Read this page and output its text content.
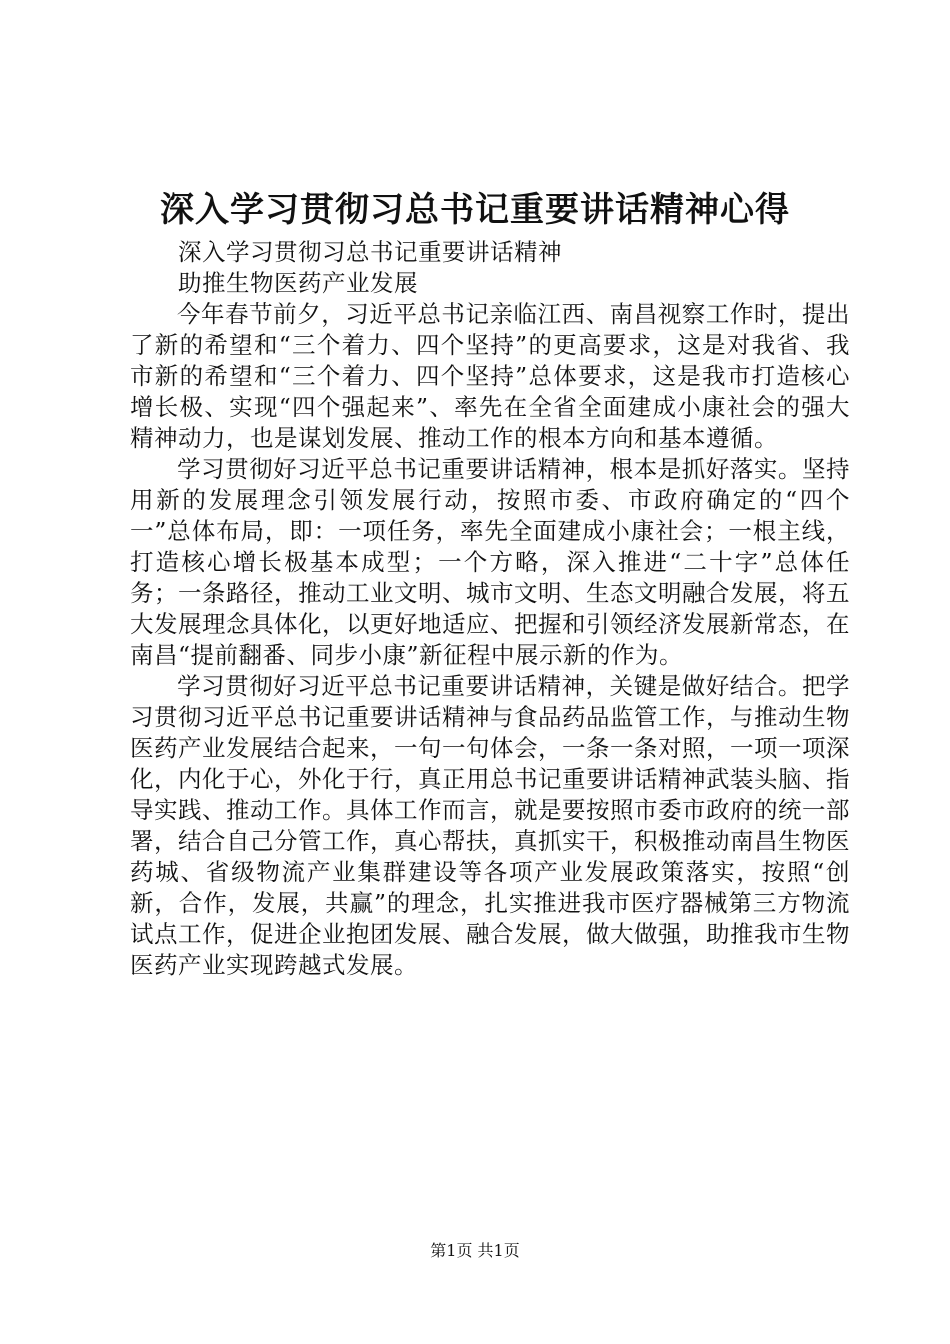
深入学习贯彻习总书记重要讲话精神心得

深入学习贯彻习总书记重要讲话精神

助推生物医药产业发展

今年春节前夕，习近平总书记亲临江西、南昌视察工作时，提出了新的希望和“三个着力、四个坚持”的更高要求，这是对我省、我市新的希望和“三个着力、四个坚持”总体要求，这是我市打造核心增长极、实现“四个强起来”、率先在全省全面建成小康社会的强大精神动力，也是谋划发展、推动工作的根本方向和基本遵循。

学习贯彻好习近平总书记重要讲话精神，根本是抓好落实。坚持用新的发展理念引领发展行动，按照市委、市政府确定的“四个一”总体布局，即：一项任务，率先全面建成小康社会；一根主线，打造核心增长极基本成型；一个方略，深入推进“二十字”总体任务；一条路径，推动工业文明、城市文明、生态文明融合发展，将五大发展理念具体化，以更好地适应、把握和引领经济发展新常态，在南昌“提前翻番、同步小康”新征程中展示新的作为。

学习贯彻好习近平总书记重要讲话精神，关键是做好结合。把学习贯彻习近平总书记重要讲话精神与食品药品监管工作，与推动生物医药产业发展结合起来，一句一句体会，一条一条对照，一项一项深化，内化于心，外化于行，真正用总书记重要讲话精神武装头脑、指导实践、推动工作。具体工作而言，就是要按照市委市政府的统一部署，结合自己分管工作，真心帮扶，真抓实干，积极推动南昌生物医药城、省级物流产业集群建设等各项产业发展政策落实，按照“创新，合作，发展，共赢”的理念，扎实推进我市医疗器械第三方物流试点工作，促进企业抱团发展、融合发展，做大做强，助推我市生物医药产业实现跨越式发展。

第1页 共1页
